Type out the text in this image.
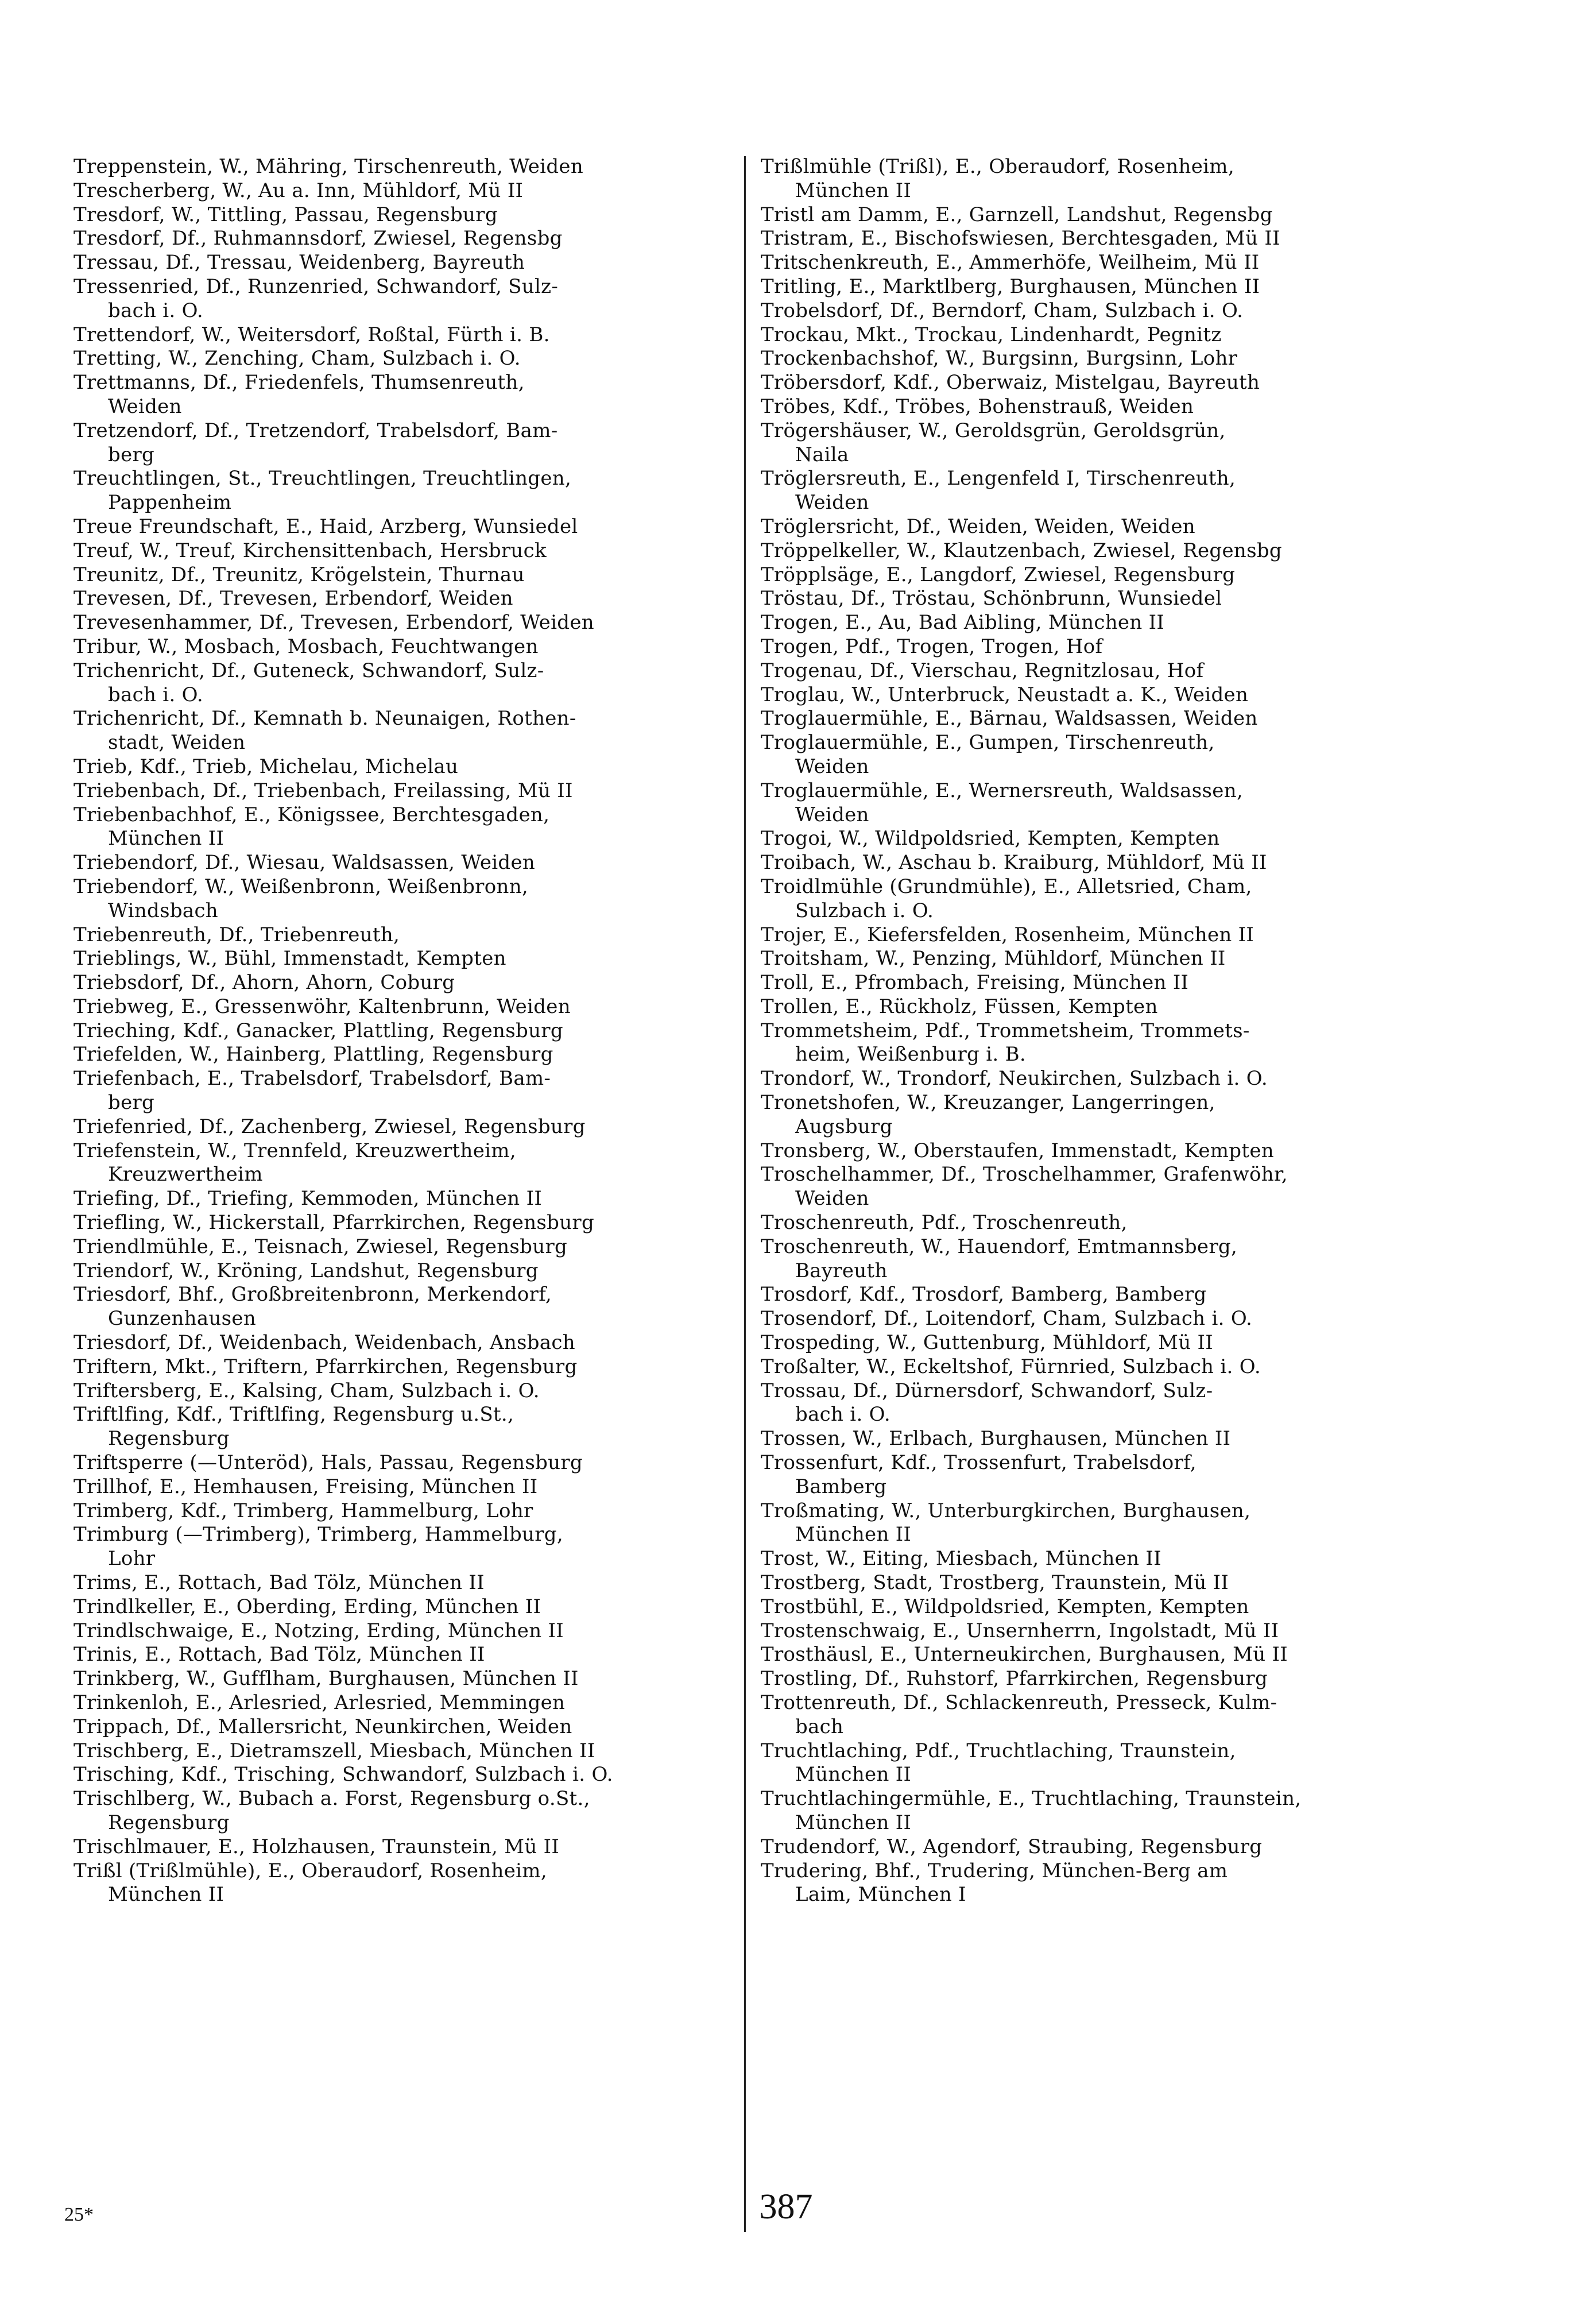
Treppenstein, W., Mähring, Tirschenreuth, Weiden
Trescherberg, W., Au a. Inn, Mühldorf, Mü II
Tresdorf, W., Tittling, Passau, Regensburg
Tresdorf, Df., Ruhmannsdorf, Zwiesel, Regensbg
Tressau, Df., Tressau, Weidenberg, Bayreuth
Tressenried, Df., Runzenried, Schwandorf, Sulz-
bach i. O.
Trettendorf, W., Weitersdorf, Roßtal, Fürth i. B.
Tretting, W., Zenching, Cham, Sulzbach i. O.
Trettmanns, Df., Friedenfels, Thumsenreuth,
Weiden
Tretzendorf, Df., Tretzendorf, Trabelsdorf, Bam-
berg
Treuchtlingen, St., Treuchtlingen, Treuchtlingen,
Pappenheim
Treue Freundschaft, E., Haid, Arzberg, Wunsiedel
Treuf, W., Treuf, Kirchensittenbach, Hersbruck
Treunitz, Df., Treunitz, Krögelstein, Thurnau
Trevesen, Df., Trevesen, Erbendorf, Weiden
Trevesenhammer, Df., Trevesen, Erbendorf, Weiden
Tribur, W., Mosbach, Mosbach, Feuchtwangen
Trichenricht, Df., Guteneck, Schwandorf, Sulz-
bach i. O.
Trichenricht, Df., Kemnath b. Neunaigen, Rothen-
stadt, Weiden
Trieb, Kdf., Trieb, Michelau, Michelau
Triebenbach, Df., Triebenbach, Freilassing, Mü II
Triebenbachhof, E., Königssee, Berchtesgaden,
München II
Triebendorf, Df., Wiesau, Waldsassen, Weiden
Triebendorf, W., Weißenbronn, Weißenbronn,
Windsbach
Triebenreuth, Df., Triebenreuth,
Trieblings, W., Bühl, Immenstadt, Kempten
Triebsdorf, Df., Ahorn, Ahorn, Coburg
Triebweg, E., Gressenwöhr, Kaltenbrunn, Weiden
Trieching, Kdf., Ganacker, Plattling, Regensburg
Triefelden, W., Hainberg, Plattling, Regensburg
Triefenbach, E., Trabelsdorf, Trabelsdorf, Bam-
berg
Triefenried, Df., Zachenberg, Zwiesel, Regensburg
Triefenstein, W., Trennfeld, Kreuzwertheim,
Kreuzwertheim
Triefing, Df., Triefing, Kemmoden, München II
Triefling, W., Hickerstall, Pfarrkirchen, Regensburg
Triendlmühle, E., Teisnach, Zwiesel, Regensburg
Triendorf, W., Kröning, Landshut, Regensburg
Triesdorf, Bhf., Großbreitenbronn, Merkendorf,
Gunzenhausen
Triesdorf, Df., Weidenbach, Weidenbach, Ansbach
Triftern, Mkt., Triftern, Pfarrkirchen, Regensburg
Triftersberg, E., Kalsing, Cham, Sulzbach i. O.
Triftlfing, Kdf., Triftlfing, Regensburg u.St.,
Regensburg
Triftsperre (—Unteröd), Hals, Passau, Regensburg
Trillhof, E., Hemhausen, Freising, München II
Trimberg, Kdf., Trimberg, Hammelburg, Lohr
Trimburg (—Trimberg), Trimberg, Hammelburg,
Lohr
Trims, E., Rottach, Bad Tölz, München II
Trindlkeller, E., Oberding, Erding, München II
Trindlschwaige, E., Notzing, Erding, München II
Trinis, E., Rottach, Bad Tölz, München II
Trinkberg, W., Gufflham, Burghausen, München II
Trinkenloh, E., Arlesried, Arlesried, Memmingen
Trippach, Df., Mallersricht, Neunkirchen, Weiden
Trischberg, E., Dietramszell, Miesbach, München II
Trisching, Kdf., Trisching, Schwandorf, Sulzbach i. O.
Trischlberg, W., Bubach a. Forst, Regensburg o.St.,
Regensburg
Trischlmauer, E., Holzhausen, Traunstein, Mü II
Trißl (Trißlmühle), E., Oberaudorf, Rosenheim,
München II
Trißlmühle (Trißl), E., Oberaudorf, Rosenheim,
München II
Tristl am Damm, E., Garnzell, Landshut, Regensbg
Tristram, E., Bischofswiesen, Berchtesgaden, Mü II
Tritschenkreuth, E., Ammerhöfe, Weilheim, Mü II
Tritling, E., Marktlberg, Burghausen, München II
Trobelsdorf, Df., Berndorf, Cham, Sulzbach i. O.
Trockau, Mkt., Trockau, Lindenhardt, Pegnitz
Trockenbachshof, W., Burgsinn, Burgsinn, Lohr
Tröbersdorf, Kdf., Oberwaiz, Mistelgau, Bayreuth
Tröbes, Kdf., Tröbes, Bohenstrauß, Weiden
Trögershäuser, W., Geroldsgrün, Geroldsgrün,
Naila
Tröglersreuth, E., Lengenfeld I, Tirschenreuth,
Weiden
Tröglersricht, Df., Weiden, Weiden, Weiden
Tröppelkeller, W., Klautzenbach, Zwiesel, Regensbg
Tröpplsäge, E., Langdorf, Zwiesel, Regensburg
Tröstau, Df., Tröstau, Schönbrunn, Wunsiedel
Trogen, E., Au, Bad Aibling, München II
Trogen, Pdf., Trogen, Trogen, Hof
Trogenau, Df., Vierschau, Regnitzlosau, Hof
Troglau, W., Unterbruck, Neustadt a. K., Weiden
Troglauermühle, E., Bärnau, Waldsassen, Weiden
Troglauermühle, E., Gumpen, Tirschenreuth,
Weiden
Troglauermühle, E., Wernersreuth, Waldsassen,
Weiden
Trogoi, W., Wildpoldsried, Kempten, Kempten
Troibach, W., Aschau b. Kraiburg, Mühldorf, Mü II
Troidlmühle (Grundmühle), E., Alletsried, Cham,
Sulzbach i. O.
Trojer, E., Kiefersfelden, Rosenheim, München II
Troitsham, W., Penzing, Mühldorf, München II
Troll, E., Pfrombach, Freising, München II
Trollen, E., Rückholz, Füssen, Kempten
Trommetsheim, Pdf., Trommetsheim, Trommets-
heim, Weißenburg i. B.
Trondorf, W., Trondorf, Neukirchen, Sulzbach i. O.
Tronetshofen, W., Kreuzanger, Langerringen,
Augsburg
Tronsberg, W., Oberstaufen, Immenstadt, Kempten
Troschelhammer, Df., Troschelhammer, Grafenwöhr,
Weiden
Troschenreuth, Pdf., Troschenreuth,
Troschenreuth, W., Hauendorf, Emtmannsberg,
Bayreuth
Trosdorf, Kdf., Trosdorf, Bamberg, Bamberg
Trosendorf, Df., Loitendorf, Cham, Sulzbach i. O.
Trospeding, W., Guttenburg, Mühldorf, Mü II
Troßalter, W., Eckeltshof, Fürnried, Sulzbach i. O.
Trossau, Df., Dürnersdorf, Schwandorf, Sulz-
bach i. O.
Trossen, W., Erlbach, Burghausen, München II
Trossenfurt, Kdf., Trossenfurt, Trabelsdorf,
Bamberg
Troßmating, W., Unterburgkirchen, Burghausen,
München II
Trost, W., Eiting, Miesbach, München II
Trostberg, Stadt, Trostberg, Traunstein, Mü II
Trostbühl, E., Wildpoldsried, Kempten, Kempten
Trostenschwaig, E., Unsernherrn, Ingolstadt, Mü II
Trosthäusl, E., Unterneukirchen, Burghausen, Mü II
Trostling, Df., Ruhstorf, Pfarrkirchen, Regensburg
Trottenreuth, Df., Schlackenreuth, Presseck, Kulm-
bach
Truchtlaching, Pdf., Truchtlaching, Traunstein,
München II
Truchtlachingermühle, E., Truchtlaching, Traunstein,
München II
Trudendorf, W., Agendorf, Straubing, Regensburg
Trudering, Bhf., Trudering, München-Berg am
Laim, München I
25*	387
